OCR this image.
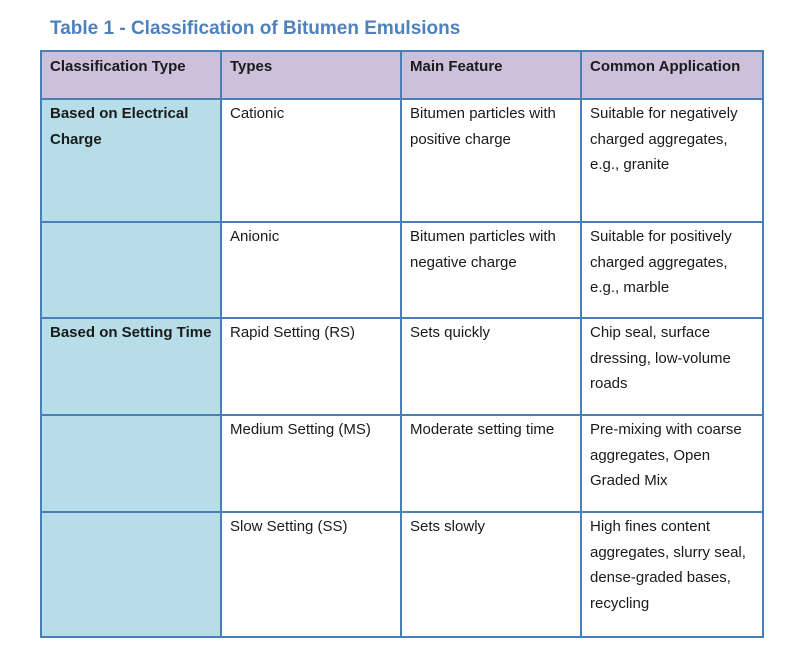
Table 1 - Classification of Bitumen Emulsions
Classification Type	Types	Main Feature	Common Application

Based on Electrical Charge	Cationic	Bitumen particles with positive charge	Suitable for negatively charged aggregates, e.g., granite

	Anionic	Bitumen particles with negative charge	Suitable for positively charged aggregates, e.g., marble

Based on Setting Time	Rapid Setting (RS)	Sets quickly	Chip seal, surface dressing, low-volume roads

	Medium Setting (MS)	Moderate setting time	Pre-mixing with coarse aggregates, Open Graded Mix

	Slow Setting (SS)	Sets slowly	High fines content aggregates, slurry seal, dense-graded bases, recycling
